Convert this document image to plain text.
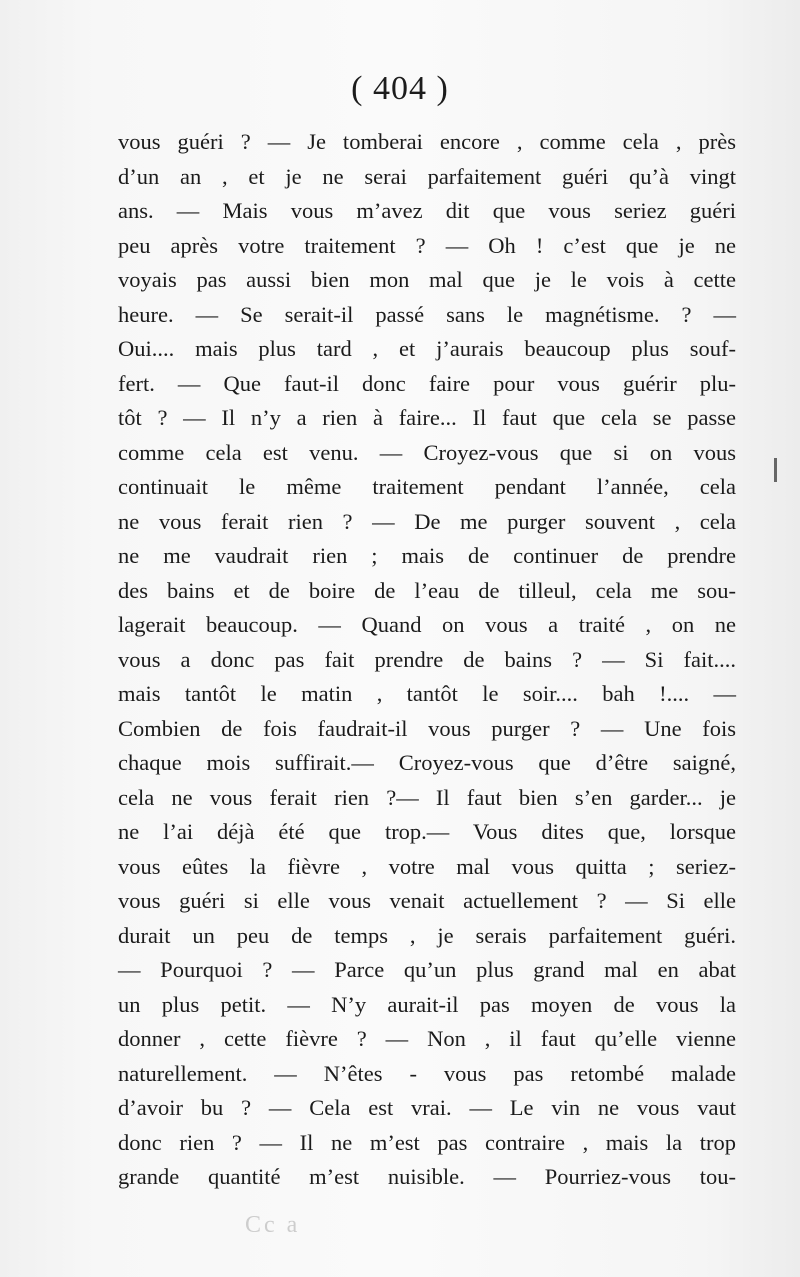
( 404 )
vous guéri ? — Je tomberai encore , comme cela , près
d’un an , et je ne serai parfaitement guéri qu’à vingt
ans. — Mais vous m’avez dit que vous seriez guéri
peu après votre traitement ? — Oh ! c’est que je ne
voyais pas aussi bien mon mal que je le vois à cette
heure. — Se serait-il passé sans le magnétisme. ? —
Oui.... mais plus tard , et j’aurais beaucoup plus souf-
fert. — Que faut-il donc faire pour vous guérir plu-
tôt ? — Il n’y a rien à faire... Il faut que cela se passe
comme cela est venu. — Croyez-vous que si on vous
continuait le même traitement pendant l’année, cela
ne vous ferait rien ? — De me purger souvent , cela
ne me vaudrait rien ; mais de continuer de prendre
des bains et de boire de l’eau de tilleul, cela me sou-
lagerait beaucoup. — Quand on vous a traité , on ne
vous a donc pas fait prendre de bains ? — Si fait....
mais tantôt le matin , tantôt le soir.... bah !.... —
Combien de fois faudrait-il vous purger ? — Une fois
chaque mois suffirait.— Croyez-vous que d’être saigné,
cela ne vous ferait rien ?— Il faut bien s’en garder... je
ne l’ai déjà été que trop.— Vous dites que, lorsque
vous eûtes la fièvre , votre mal vous quitta ; seriez-
vous guéri si elle vous venait actuellement ? — Si elle
durait un peu de temps , je serais parfaitement guéri.
— Pourquoi ? — Parce qu’un plus grand mal en abat
un plus petit. — N’y aurait-il pas moyen de vous la
donner , cette fièvre ? — Non , il faut qu’elle vienne
naturellement. — N’êtes - vous pas retombé malade
d’avoir bu ? — Cela est vrai. — Le vin ne vous vaut
donc rien ? — Il ne m’est pas contraire , mais la trop
grande quantité m’est nuisible. — Pourriez-vous tou-
Cc a
